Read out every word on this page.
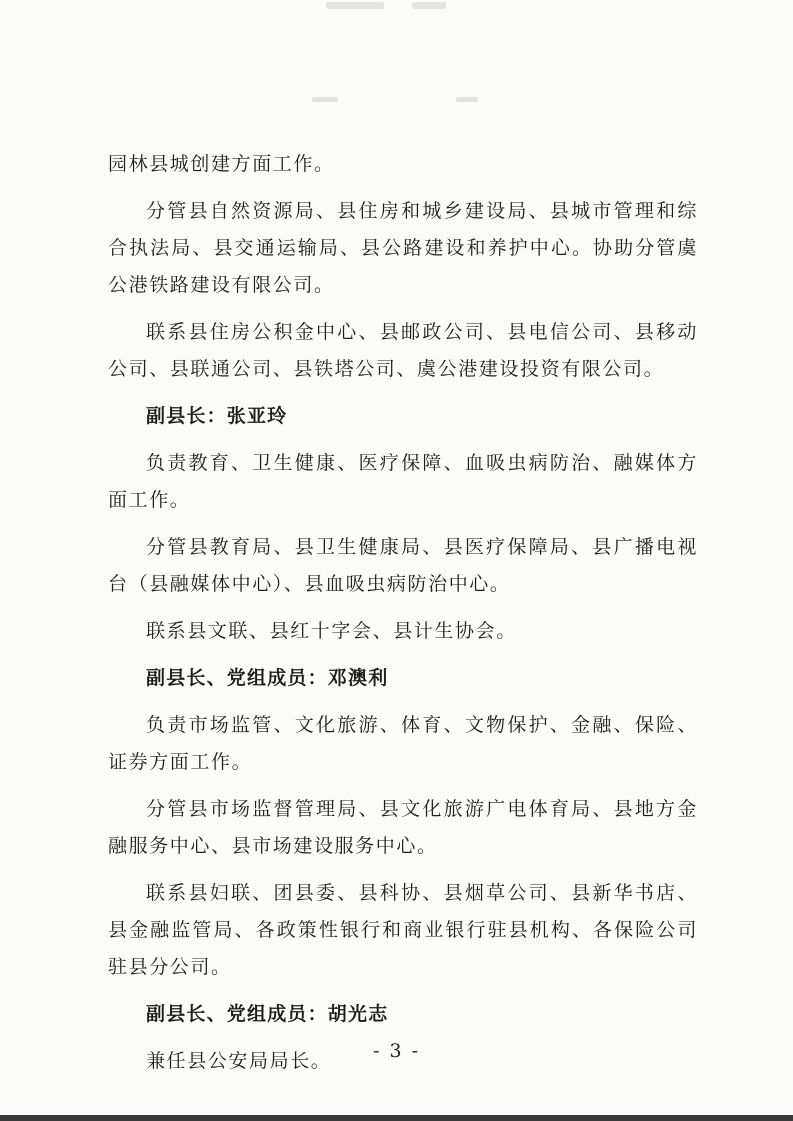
园林县城创建方面工作。

分管县自然资源局、县住房和城乡建设局、县城市管理和综合执法局、县交通运输局、县公路建设和养护中心。协助分管虞公港铁路建设有限公司。

联系县住房公积金中心、县邮政公司、县电信公司、县移动公司、县联通公司、县铁塔公司、虞公港建设投资有限公司。

副县长：张亚玲

负责教育、卫生健康、医疗保障、血吸虫病防治、融媒体方面工作。

分管县教育局、县卫生健康局、县医疗保障局、县广播电视台（县融媒体中心）、县血吸虫病防治中心。

联系县文联、县红十字会、县计生协会。

副县长、党组成员：邓澳利

负责市场监管、文化旅游、体育、文物保护、金融、保险、证券方面工作。

分管县市场监督管理局、县文化旅游广电体育局、县地方金融服务中心、县市场建设服务中心。

联系县妇联、团县委、县科协、县烟草公司、县新华书店、县金融监管局、各政策性银行和商业银行驻县机构、各保险公司驻县分公司。

副县长、党组成员：胡光志

兼任县公安局局长。	- 3 -
